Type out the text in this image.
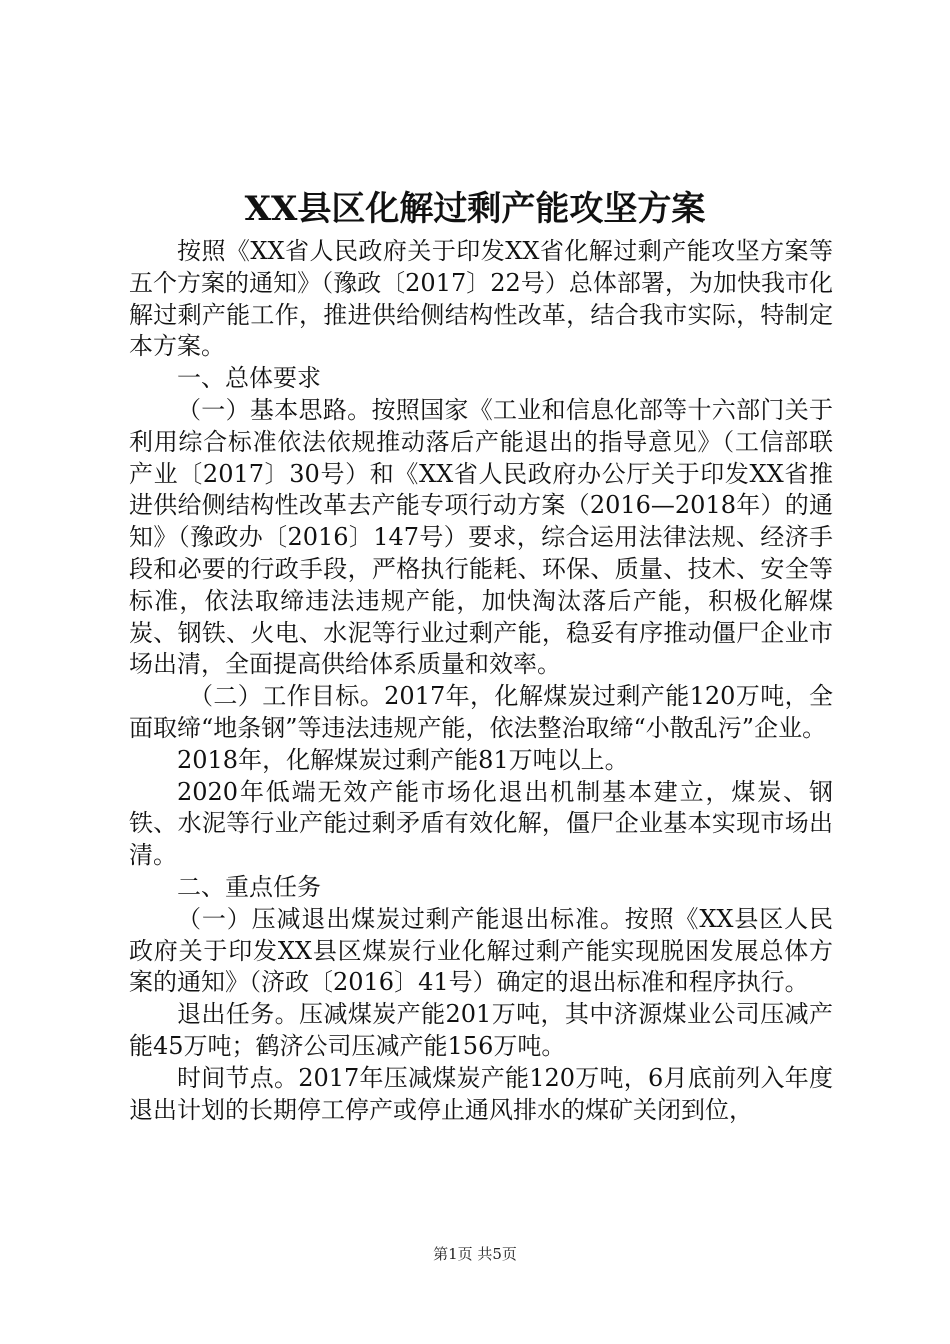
XX县区化解过剩产能攻坚方案

按照《XX省人民政府关于印发XX省化解过剩产能攻坚方案等五个方案的通知》（豫政〔2017〕22号）总体部署，为加快我市化解过剩产能工作，推进供给侧结构性改革，结合我市实际，特制定本方案。

一、总体要求

（一）基本思路。按照国家《工业和信息化部等十六部门关于利用综合标准依法依规推动落后产能退出的指导意见》（工信部联产业〔2017〕30号）和《XX省人民政府办公厅关于印发XX省推进供给侧结构性改革去产能专项行动方案（2016—2018年）的通知》（豫政办〔2016〕147号）要求，综合运用法律法规、经济手段和必要的行政手段，严格执行能耗、环保、质量、技术、安全等标准，依法取缔违法违规产能，加快淘汰落后产能，积极化解煤炭、钢铁、火电、水泥等行业过剩产能，稳妥有序推动僵尸企业市场出清，全面提高供给体系质量和效率。

（二）工作目标。2017年，化解煤炭过剩产能120万吨，全面取缔“地条钢”等违法违规产能，依法整治取缔“小散乱污”企业。

2018年，化解煤炭过剩产能81万吨以上。

2020年低端无效产能市场化退出机制基本建立，煤炭、钢铁、水泥等行业产能过剩矛盾有效化解，僵尸企业基本实现市场出清。

二、重点任务

（一）压减退出煤炭过剩产能退出标准。按照《XX县区人民政府关于印发XX县区煤炭行业化解过剩产能实现脱困发展总体方案的通知》（济政〔2016〕41号）确定的退出标准和程序执行。

退出任务。压减煤炭产能201万吨，其中济源煤业公司压减产能45万吨；鹤济公司压减产能156万吨。

时间节点。2017年压减煤炭产能120万吨，6月底前列入年度退出计划的长期停工停产或停止通风排水的煤矿关闭到位，

第1页 共5页
